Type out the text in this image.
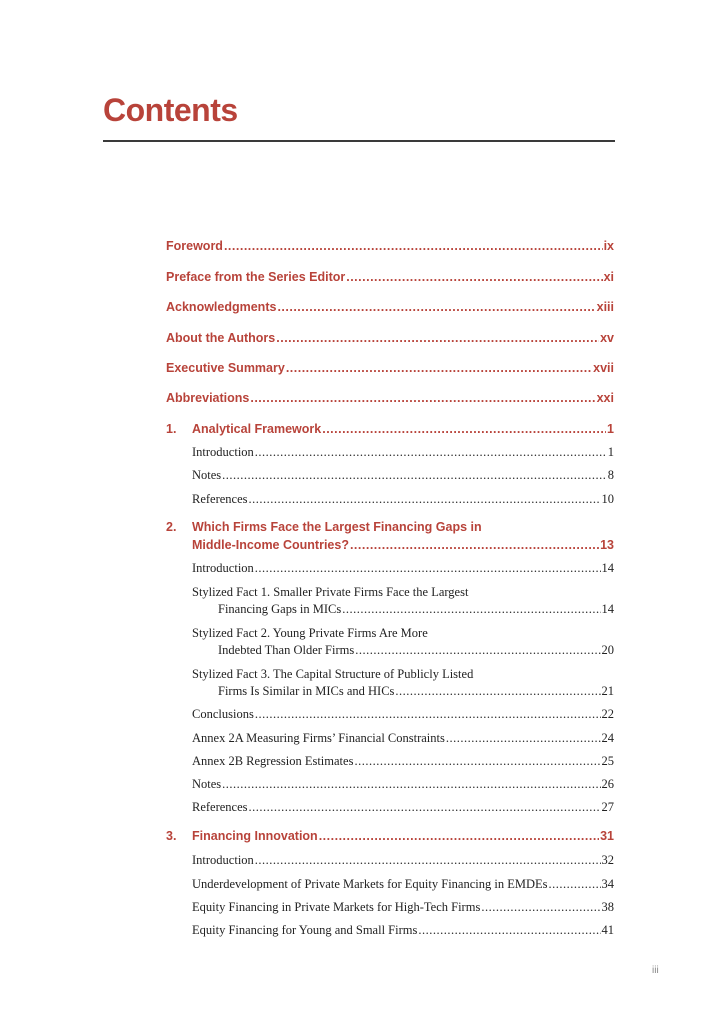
Contents
Foreword .....	ix
Preface from the Series Editor .....	xi
Acknowledgments .....	xiii
About the Authors .....	xv
Executive Summary .....	xvii
Abbreviations .....	xxi
1. Analytical Framework .....	1
Introduction .....	1
Notes .....	8
References .....	10
2. Which Firms Face the Largest Financing Gaps in
Middle-Income Countries? .....	13
Introduction .....	14
Stylized Fact 1. Smaller Private Firms Face the Largest
Financing Gaps in MICs .....	14
Stylized Fact 2. Young Private Firms Are More
Indebted Than Older Firms .....	20
Stylized Fact 3. The Capital Structure of Publicly Listed
Firms Is Similar in MICs and HICs .....	21
Conclusions .....	22
Annex 2A Measuring Firms’ Financial Constraints .....	24
Annex 2B Regression Estimates .....	25
Notes .....	26
References .....	27
3. Financing Innovation .....	31
Introduction .....	32
Underdevelopment of Private Markets for Equity Financing in EMDEs .....	34
Equity Financing in Private Markets for High-Tech Firms .....	38
Equity Financing for Young and Small Firms .....	41
iii
